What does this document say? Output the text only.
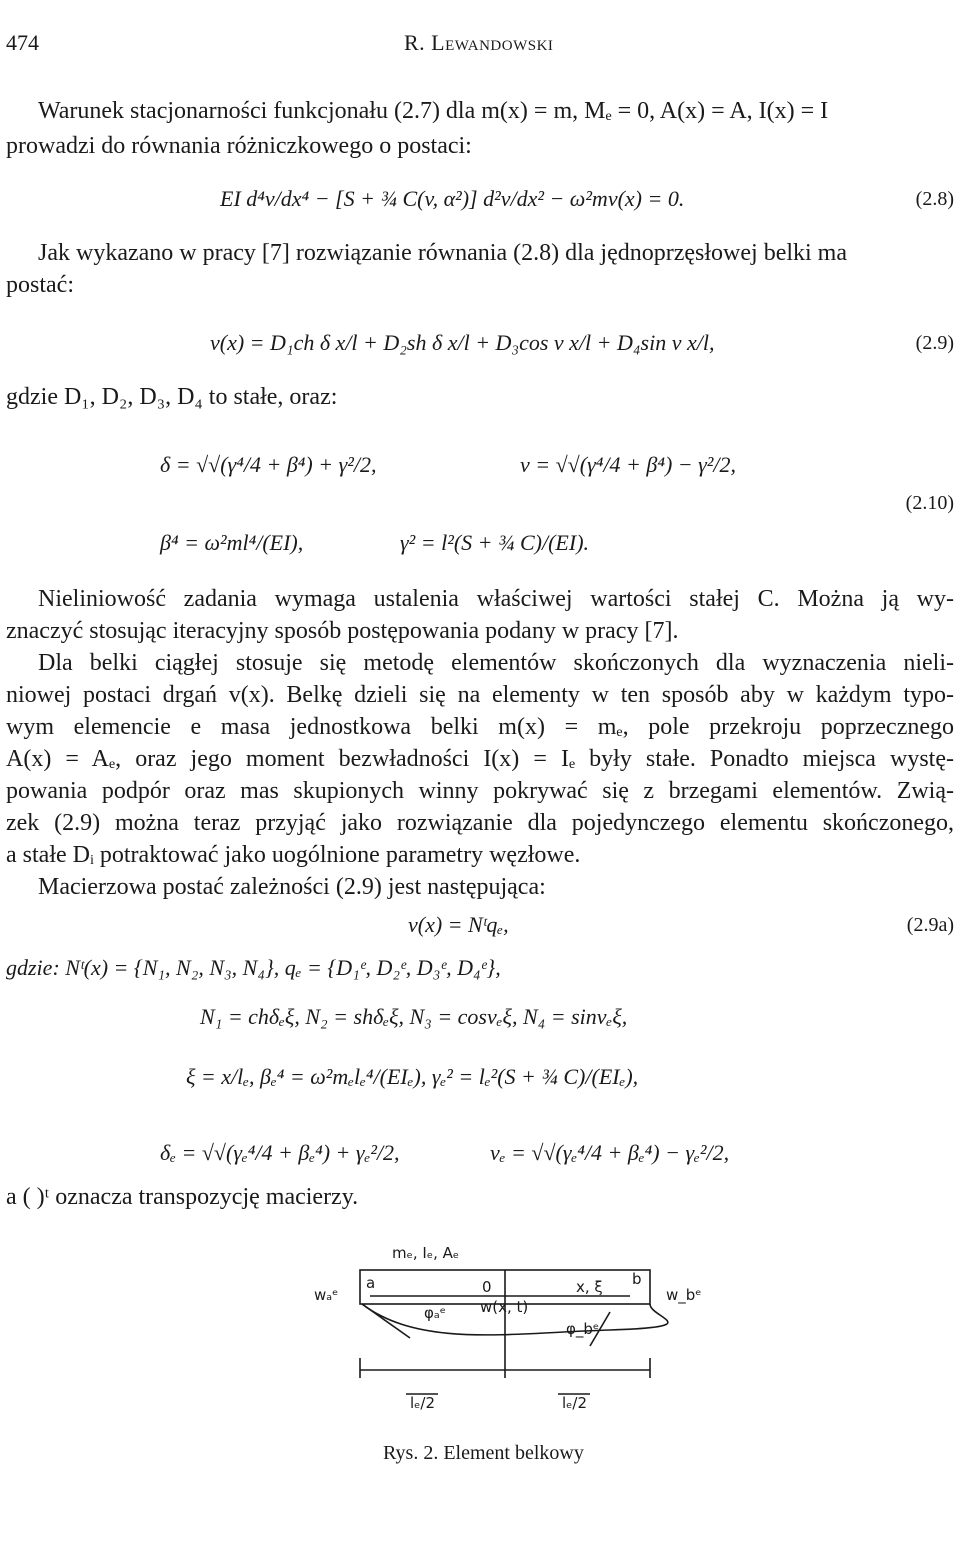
474	R. Lewandowski
Warunek stacjonarności funkcjonału (2.7) dla m(x) = m, Mₑ = 0, A(x) = A, I(x) = I
prowadzi do równania różniczkowego o postaci:
EI d⁴v/dx⁴ − [S + ¾ C(v, α²)] d²v/dx² − ω²mv(x) = 0.	(2.8)
Jak wykazano w pracy [7] rozwiązanie równania (2.8) dla jędnoprzęsłowej belki ma
postać:
v(x) = D₁ch δ x/l + D₂sh δ x/l + D₃cos ν x/l + D₄sin ν x/l,	(2.9)
gdzie D₁, D₂, D₃, D₄ to stałe, oraz:
δ = √√(γ⁴/4 + β⁴) + γ²/2,	ν = √√(γ⁴/4 + β⁴) − γ²/2,
β⁴ = ω²ml⁴/(EI),	γ² = l²(S + ¾ C)/(EI).
(2.10)
Nieliniowość zadania wymaga ustalenia właściwej wartości stałej C. Można ją wy-
znaczyć stosując iteracyjny sposób postępowania podany w pracy [7].
Dla belki ciągłej stosuje się metodę elementów skończonych dla wyznaczenia nieli-
niowej postaci drgań v(x). Belkę dzieli się na elementy w ten sposób aby w każdym typo-
wym elemencie e masa jednostkowa belki m(x) = mₑ, pole przekroju poprzecznego
A(x) = Aₑ, oraz jego moment bezwładności I(x) = Iₑ były stałe. Ponadto miejsca wystę-
powania podpór oraz mas skupionych winny pokrywać się z brzegami elementów. Zwią-
zek (2.9) można teraz przyjąć jako rozwiązanie dla pojedynczego elementu skończonego,
a stałe Dᵢ potraktować jako uogólnione parametry węzłowe.
Macierzowa postać zależności (2.9) jest następująca:
v(x) = Nᵗqₑ,	(2.9a)
gdzie: Nᵗ(x) = {N₁, N₂, N₃, N₄}, qₑ = {D₁ᵉ, D₂ᵉ, D₃ᵉ, D₄ᵉ},
N₁ = chδₑξ, N₂ = shδₑξ, N₃ = cosνₑξ, N₄ = sinνₑξ,
ξ = x/lₑ, βₑ⁴ = ω²mₑlₑ⁴/(EIₑ), γₑ² = lₑ²(S + ¾ C)/(EIₑ),
δₑ = √√(γₑ⁴/4 + βₑ⁴) + γₑ²/2,	νₑ = √√(γₑ⁴/4 + βₑ⁴) − γₑ²/2,
a ( )ᵗ oznacza transpozycję macierzy.
mₑ, Iₑ, Aₑ
wₐᵉ	w_bᵉ
a	b
0	x, ξ
w(x, t)
φₐᵉ
φ_bᵉ
lₑ/2	lₑ/2
Rys. 2. Element belkowy
